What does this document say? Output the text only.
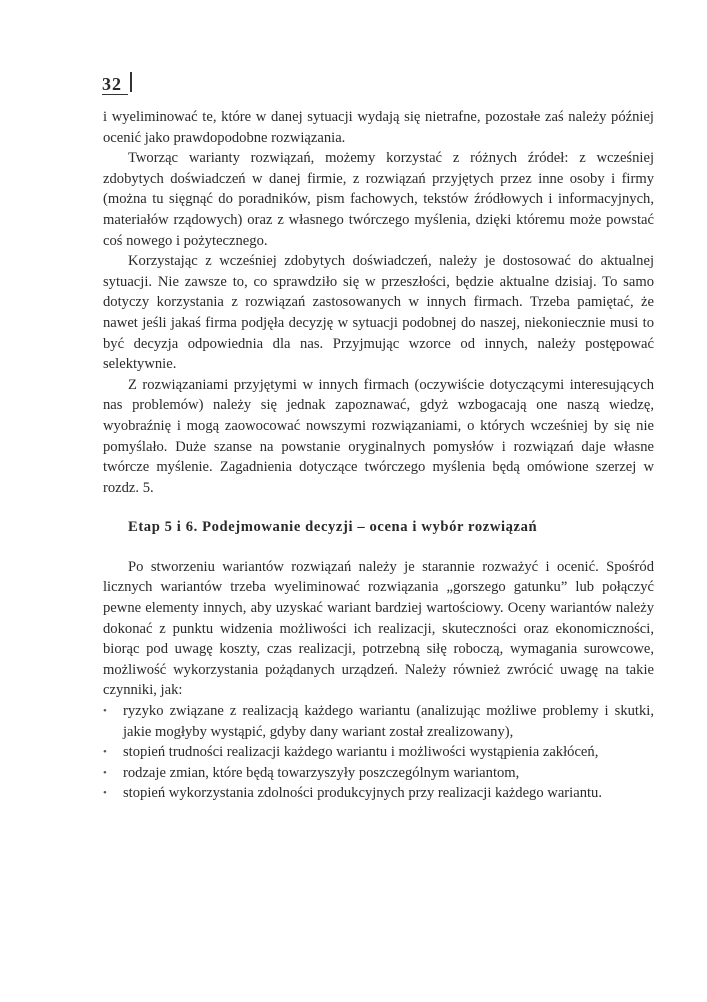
32

i wyeliminować te, które w danej sytuacji wydają się nietrafne, pozostałe zaś należy później ocenić jako prawdopodobne rozwiązania.

Tworząc warianty rozwiązań, możemy korzystać z różnych źródeł: z wcześniej zdobytych doświadczeń w danej firmie, z rozwiązań przyjętych przez inne osoby i firmy (można tu sięgnąć do poradników, pism fachowych, tekstów źródłowych i informacyjnych, materiałów rządowych) oraz z własnego twórczego myślenia, dzięki któremu może powstać coś nowego i pożytecznego.

Korzystając z wcześniej zdobytych doświadczeń, należy je dostosować do aktualnej sytuacji. Nie zawsze to, co sprawdziło się w przeszłości, będzie aktualne dzisiaj. To samo dotyczy korzystania z rozwiązań zastosowanych w innych firmach. Trzeba pamiętać, że nawet jeśli jakaś firma podjęła decyzję w sytuacji podobnej do naszej, niekoniecznie musi to być decyzja odpowiednia dla nas. Przyjmując wzorce od innych, należy postępować selektywnie.

Z rozwiązaniami przyjętymi w innych firmach (oczywiście dotyczącymi interesujących nas problemów) należy się jednak zapoznawać, gdyż wzbogacają one naszą wiedzę, wyobraźnię i mogą zaowocować nowszymi rozwiązaniami, o których wcześniej by się nie pomyślało. Duże szanse na powstanie oryginalnych pomysłów i rozwiązań daje własne twórcze myślenie. Zagadnienia dotyczące twórczego myślenia będą omówione szerzej w rozdz. 5.

Etap 5 i 6. Podejmowanie decyzji – ocena i wybór rozwiązań

Po stworzeniu wariantów rozwiązań należy je starannie rozważyć i ocenić. Spośród licznych wariantów trzeba wyeliminować rozwiązania „gorszego gatunku” lub połączyć pewne elementy innych, aby uzyskać wariant bardziej wartościowy. Oceny wariantów należy dokonać z punktu widzenia możliwości ich realizacji, skuteczności oraz ekonomiczności, biorąc pod uwagę koszty, czas realizacji, potrzebną siłę roboczą, wymagania surowcowe, możliwość wykorzystania pożądanych urządzeń. Należy również zwrócić uwagę na takie czynniki, jak:

• ryzyko związane z realizacją każdego wariantu (analizując możliwe problemy i skutki, jakie mogłyby wystąpić, gdyby dany wariant został zrealizowany),
• stopień trudności realizacji każdego wariantu i możliwości wystąpienia zakłóceń,
• rodzaje zmian, które będą towarzyszyły poszczególnym wariantom,
• stopień wykorzystania zdolności produkcyjnych przy realizacji każdego wariantu.
